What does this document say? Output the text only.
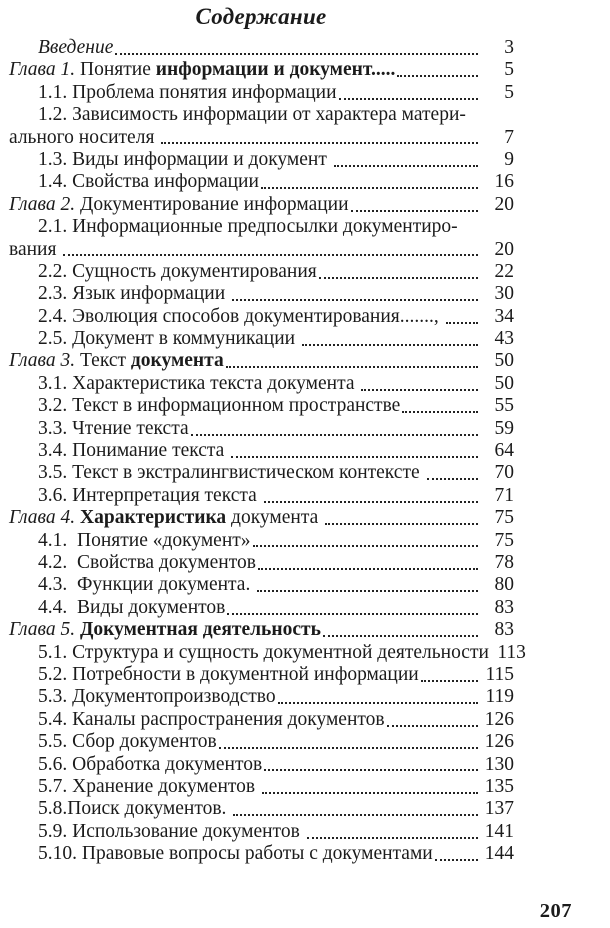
Содержание
Введение	3
Глава 1. Понятие информации и документ.....	5
1.1. Проблема понятия информации	5
1.2. Зависимость информации от характера матери-
ального носителя	7
1.3. Виды информации и документ	9
1.4. Свойства информации	16
Глава 2. Документирование информации	20
2.1. Информационные предпосылки документиро-
вания	20
2.2. Сущность документирования	22
2.3. Язык информации	30
2.4. Эволюция способов документирования.......,	34
2.5. Документ в коммуникации	43
Глава 3. Текст документа	50
3.1. Характеристика текста документа	50
3.2. Текст в информационном пространстве	55
3.3. Чтение текста	59
3.4. Понимание текста	64
3.5. Текст в экстралингвистическом контексте	70
3.6. Интерпретация текста	71
Глава 4. Характеристика документа	75
4.1.  Понятие «документ»	75
4.2.  Свойства документов	78
4.3.  Функции документа.	80
4.4.  Виды документов	83
Глава 5. Документная деятельность	83
5.1. Структура и сущность документной деятельности 113
5.2. Потребности в документной информации	115
5.3. Документопроизводство	119
5.4. Каналы распространения документов	126
5.5. Сбор документов	126
5.6. Обработка документов	130
5.7. Хранение документов	135
5.8.Поиск документов.	137
5.9. Использование документов	141
5.10. Правовые вопросы работы с документами	144
207
